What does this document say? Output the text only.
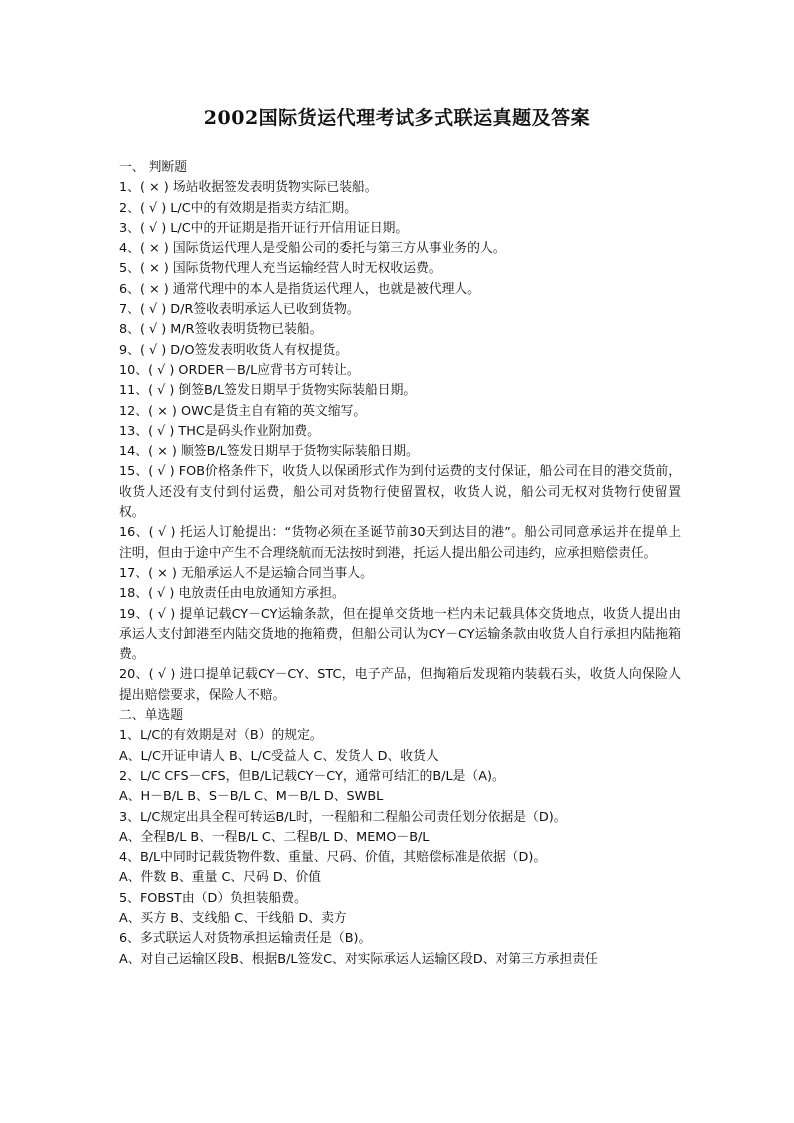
2002国际货运代理考试多式联运真题及答案
一、 判断题
1、( × ) 场站收据签发表明货物实际已装船。
2、( √ ) L/C中的有效期是指卖方结汇期。
3、( √ ) L/C中的开证期是指开证行开信用证日期。
4、( × ) 国际货运代理人是受船公司的委托与第三方从事业务的人。
5、( × ) 国际货物代理人充当运输经营人时无权收运费。
6、( × ) 通常代理中的本人是指货运代理人，也就是被代理人。
7、( √ ) D/R签收表明承运人已收到货物。
8、( √ ) M/R签收表明货物已装船。
9、( √ ) D/O签发表明收货人有权提货。
10、( √ ) ORDER－B/L应背书方可转让。
11、( √ ) 倒签B/L签发日期早于货物实际装船日期。
12、( × ) OWC是货主自有箱的英文缩写。
13、( √ ) THC是码头作业附加费。
14、( × ) 顺签B/L签发日期早于货物实际装船日期。
15、( √ ) FOB价格条件下，收货人以保函形式作为到付运费的支付保证，船公司在目的港交货前，收货人还没有支付到付运费，船公司对货物行使留置权，收货人说，船公司无权对货物行使留置权。
16、( √ ) 托运人订舱提出：“货物必须在圣诞节前30天到达目的港”。船公司同意承运并在提单上注明，但由于途中产生不合理绕航而无法按时到港，托运人提出船公司违约，应承担赔偿责任。
17、( × ) 无船承运人不是运输合同当事人。
18、( √ ) 电放责任由电放通知方承担。
19、( √ ) 提单记载CY－CY运输条款，但在提单交货地一栏内未记载具体交货地点，收货人提出由承运人支付卸港至内陆交货地的拖箱费，但船公司认为CY－CY运输条款由收货人自行承担内陆拖箱费。
20、( √ ) 进口提单记载CY－CY、STC，电子产品，但掏箱后发现箱内装载石头，收货人向保险人提出赔偿要求，保险人不赔。
二、单选题
1、L/C的有效期是对（B）的规定。
A、L/C开证申请人 B、L/C受益人 C、发货人 D、收货人
2、L/C CFS－CFS，但B/L记载CY－CY，通常可结汇的B/L是（A)。
A、H－B/L B、S－B/L C、M－B/L D、SWBL
3、L/C规定出具全程可转运B/L时，一程船和二程船公司责任划分依据是（D)。
A、全程B/L B、一程B/L C、二程B/L D、MEMO－B/L
4、B/L中同时记载货物件数、重量、尺码、价值，其赔偿标准是依据（D)。
A、件数 B、重量 C、尺码 D、价值
5、FOBST由（D）负担装船费。
A、买方 B、支线船 C、干线船 D、卖方
6、多式联运人对货物承担运输责任是（B)。
A、对自己运输区段B、根据B/L签发C、对实际承运人运输区段D、对第三方承担责任
